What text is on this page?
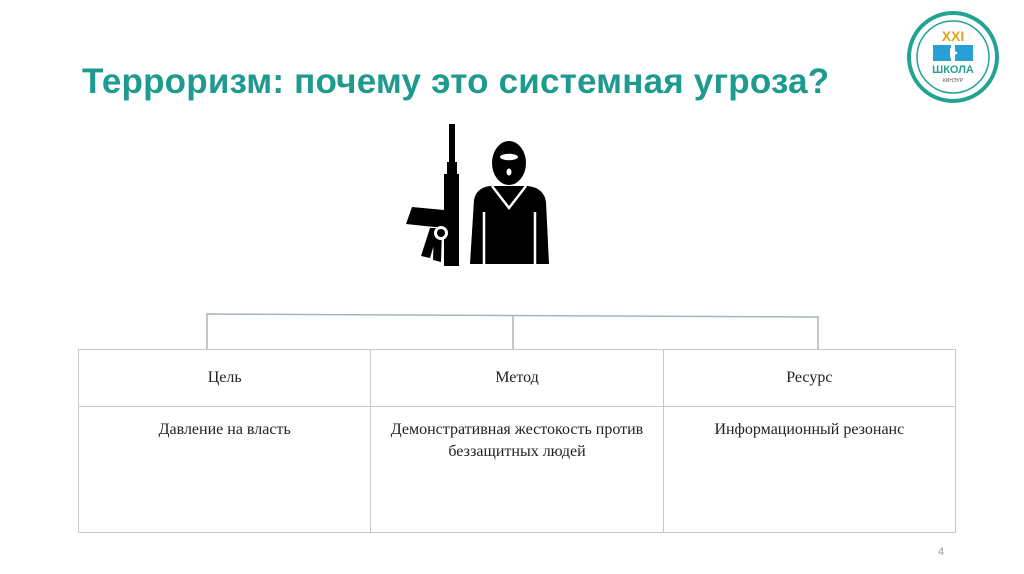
Терроризм: почему это системная угроза?
XXI
ШКОЛА
КИНЭУР
Цель	Метод	Ресурс
Давление на власть	Демонстративная жестокость против беззащитных людей	Информационный резонанс
4
